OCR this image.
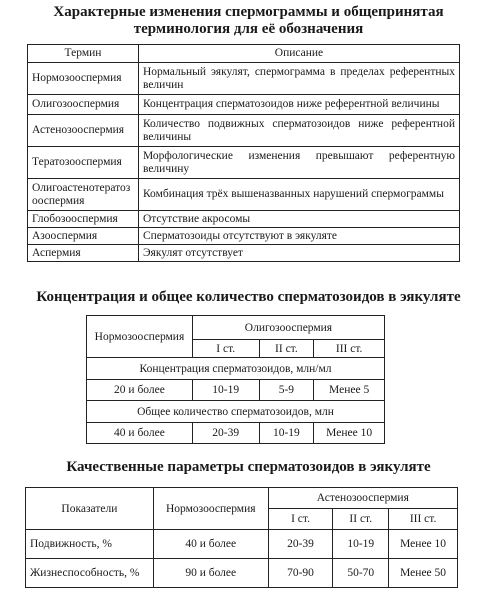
Характерные изменения спермограммы и общепринятая
терминология для её обозначения
Термин	Описание
Нормозооспермия	Нормальный эякулят, спермограмма в пределах референтных величин
Олигозооспермия	Концентрация сперматозоидов ниже референтной величины
Астенозооспермия	Количество подвижных сперматозоидов ниже референтной величины
Тератозооспермия	Морфологические изменения превышают референтную величину
Олигоастенотератозооспермия	Комбинация трёх вышеназванных нарушений спермограммы
Глобозооспермия	Отсутствие акросомы
Азооспермия	Сперматозоиды отсутствуют в эякуляте
Аспермия	Эякулят отсутствует
Концентрация и общее количество сперматозоидов в эякуляте
Нормозооспермия	Олигозооспермия		
	I ст.	II ст.	III ст.
Концентрация сперматозоидов, млн/мл			
20 и более	10-19	5-9	Менее 5
Общее количество сперматозоидов, млн			
40 и более	20-39	10-19	Менее 10
Качественные параметры сперматозоидов в эякуляте
Показатели	Нормозооспермия	Астенозооспермия		
		I ст.	II ст.	III ст.
Подвижность, %	40 и более	20-39	10-19	Менее 10
Жизнеспособность, %	90 и более	70-90	50-70	Менее 50
